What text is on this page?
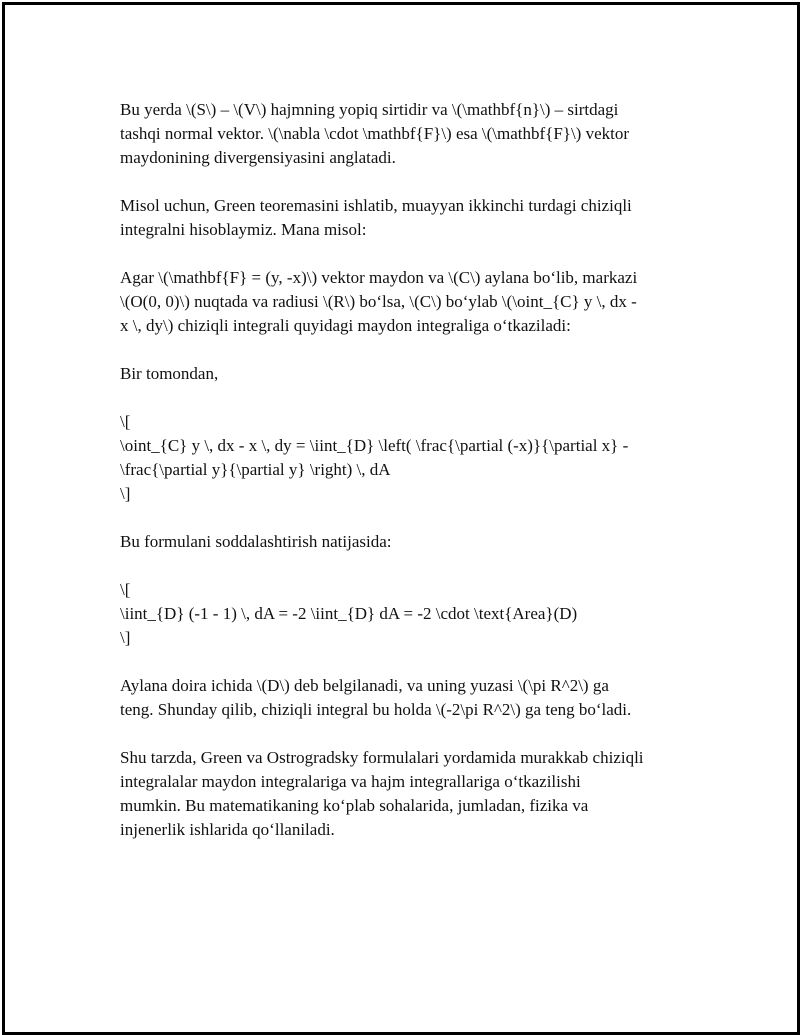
Bu yerda \(S\) – \(V\) hajmning yopiq sirtidir va \(\mathbf{n}\) – sirtdagi
tashqi normal vektor. \(\nabla \cdot \mathbf{F}\) esa \(\mathbf{F}\) vektor
maydonining divergensiyasini anglatadi.

Misol uchun, Green teoremasini ishlatib, muayyan ikkinchi turdagi chiziqli
integralni hisoblaymiz. Mana misol:

Agar \(\mathbf{F} = (y, -x)\) vektor maydon va \(C\) aylana bo‘lib, markazi
\(O(0, 0)\) nuqtada va radiusi \(R\) bo‘lsa, \(C\) bo‘ylab \(\oint_{C} y \, dx -
x \, dy\) chiziqli integrali quyidagi maydon integraliga o‘tkaziladi:

Bir tomondan,

\[
\oint_{C} y \, dx - x \, dy = \iint_{D} \left( \frac{\partial (-x)}{\partial x} -
\frac{\partial y}{\partial y} \right) \, dA
\]

Bu formulani soddalashtirish natijasida:

\[
\iint_{D} (-1 - 1) \, dA = -2 \iint_{D} dA = -2 \cdot \text{Area}(D)
\]

Aylana doira ichida \(D\) deb belgilanadi, va uning yuzasi \(\pi R^2\) ga
teng. Shunday qilib, chiziqli integral bu holda \(-2\pi R^2\) ga teng bo‘ladi.

Shu tarzda, Green va Ostrogradsky formulalari yordamida murakkab chiziqli
integralalar maydon integralariga va hajm integrallariga o‘tkazilishi
mumkin. Bu matematikaning ko‘plab sohalarida, jumladan, fizika va
injenerlik ishlarida qo‘llaniladi.
